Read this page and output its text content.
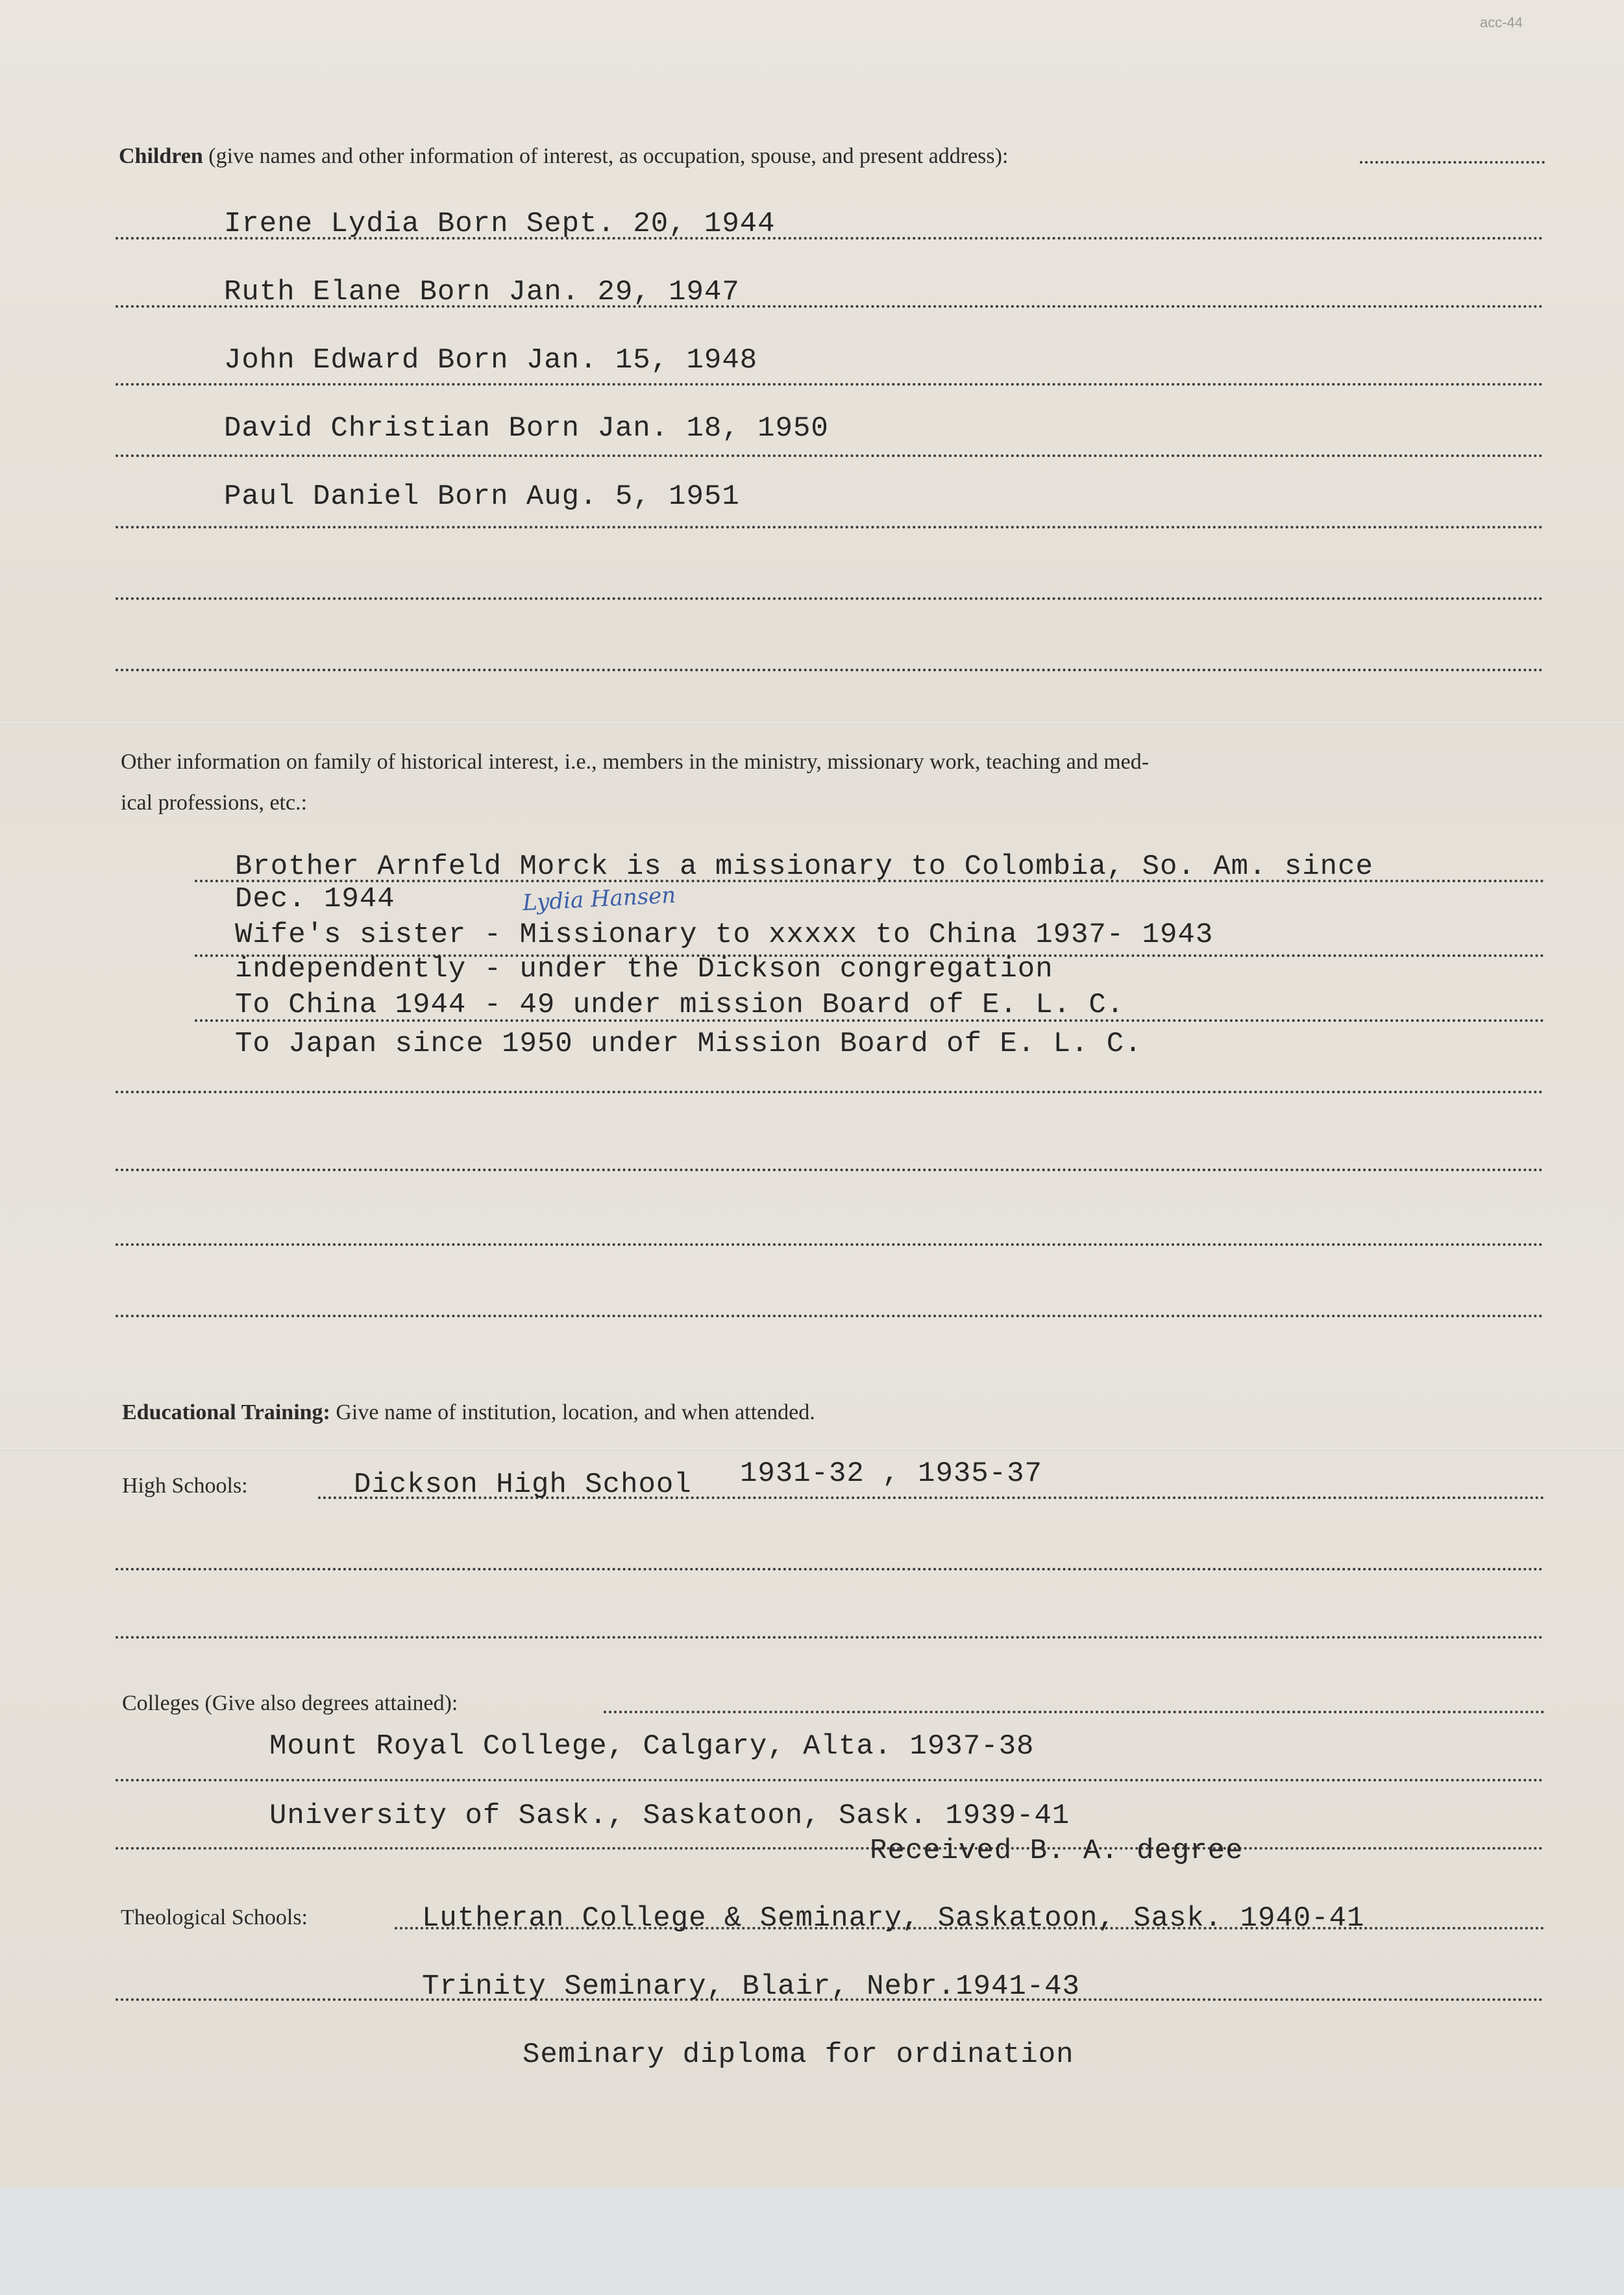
acc-44
Children (give names and other information of interest, as occupation, spouse, and present address):
Irene Lydia Born Sept. 20, 1944
Ruth Elane Born Jan. 29, 1947
John Edward Born Jan. 15, 1948
David Christian Born Jan. 18, 1950
Paul Daniel Born Aug. 5, 1951
Other information on family of historical interest, i.e., members in the ministry, missionary work, teaching and med-
ical professions, etc.:
Brother Arnfeld Morck is a missionary to Colombia, So. Am. since
Dec. 1944	Lydia Hansen
Wife's sister - Missionary to xxxxx to China 1937- 1943
independently - under the Dickson congregation
To China 1944 - 49 under mission Board of E. L. C.
To Japan since 1950 under Mission Board of E. L. C.
Educational Training: Give name of institution, location, and when attended.
High Schools:	Dickson High School 1931-32 , 1935-37
Colleges (Give also degrees attained):
Mount Royal College, Calgary, Alta. 1937-38
University of Sask., Saskatoon, Sask. 1939-41
Received B. A. degree
Theological Schools:	Lutheran College & Seminary, Saskatoon, Sask. 1940-41
Trinity Seminary, Blair, Nebr.1941-43
Seminary diploma for ordination
